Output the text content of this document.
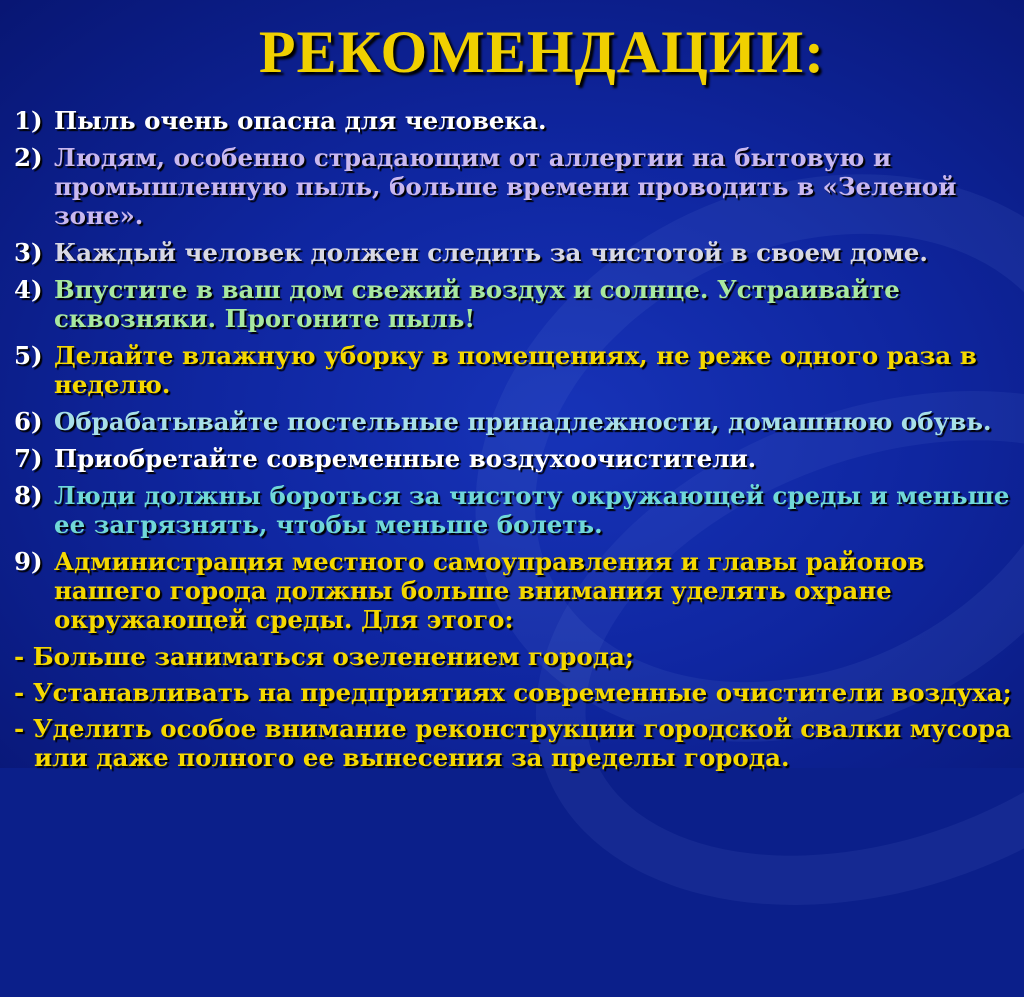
РЕКОМЕНДАЦИИ:
1) Пыль очень опасна для человека.
2) Людям, особенно страдающим от аллергии на бытовую и промышленную пыль, больше времени проводить в «Зеленой зоне».
3) Каждый человек должен следить за чистотой в своем доме.
4) Впустите в ваш дом свежий воздух и солнце. Устраивайте сквозняки. Прогоните пыль!
5) Делайте влажную уборку в помещениях, не реже одного раза в неделю.
6) Обрабатывайте постельные принадлежности, домашнюю обувь.
7) Приобретайте современные воздухоочистители.
8) Люди должны бороться за чистоту окружающей среды и меньше ее загрязнять, чтобы меньше болеть.
9) Администрация местного самоуправления и главы районов нашего города должны больше внимания уделять охране окружающей среды. Для этого:
- Больше заниматься озеленением города;
- Устанавливать на предприятиях современные очистители воздуха;
- Уделить особое внимание реконструкции городской свалки мусора или даже полного ее вынесения за пределы города.
